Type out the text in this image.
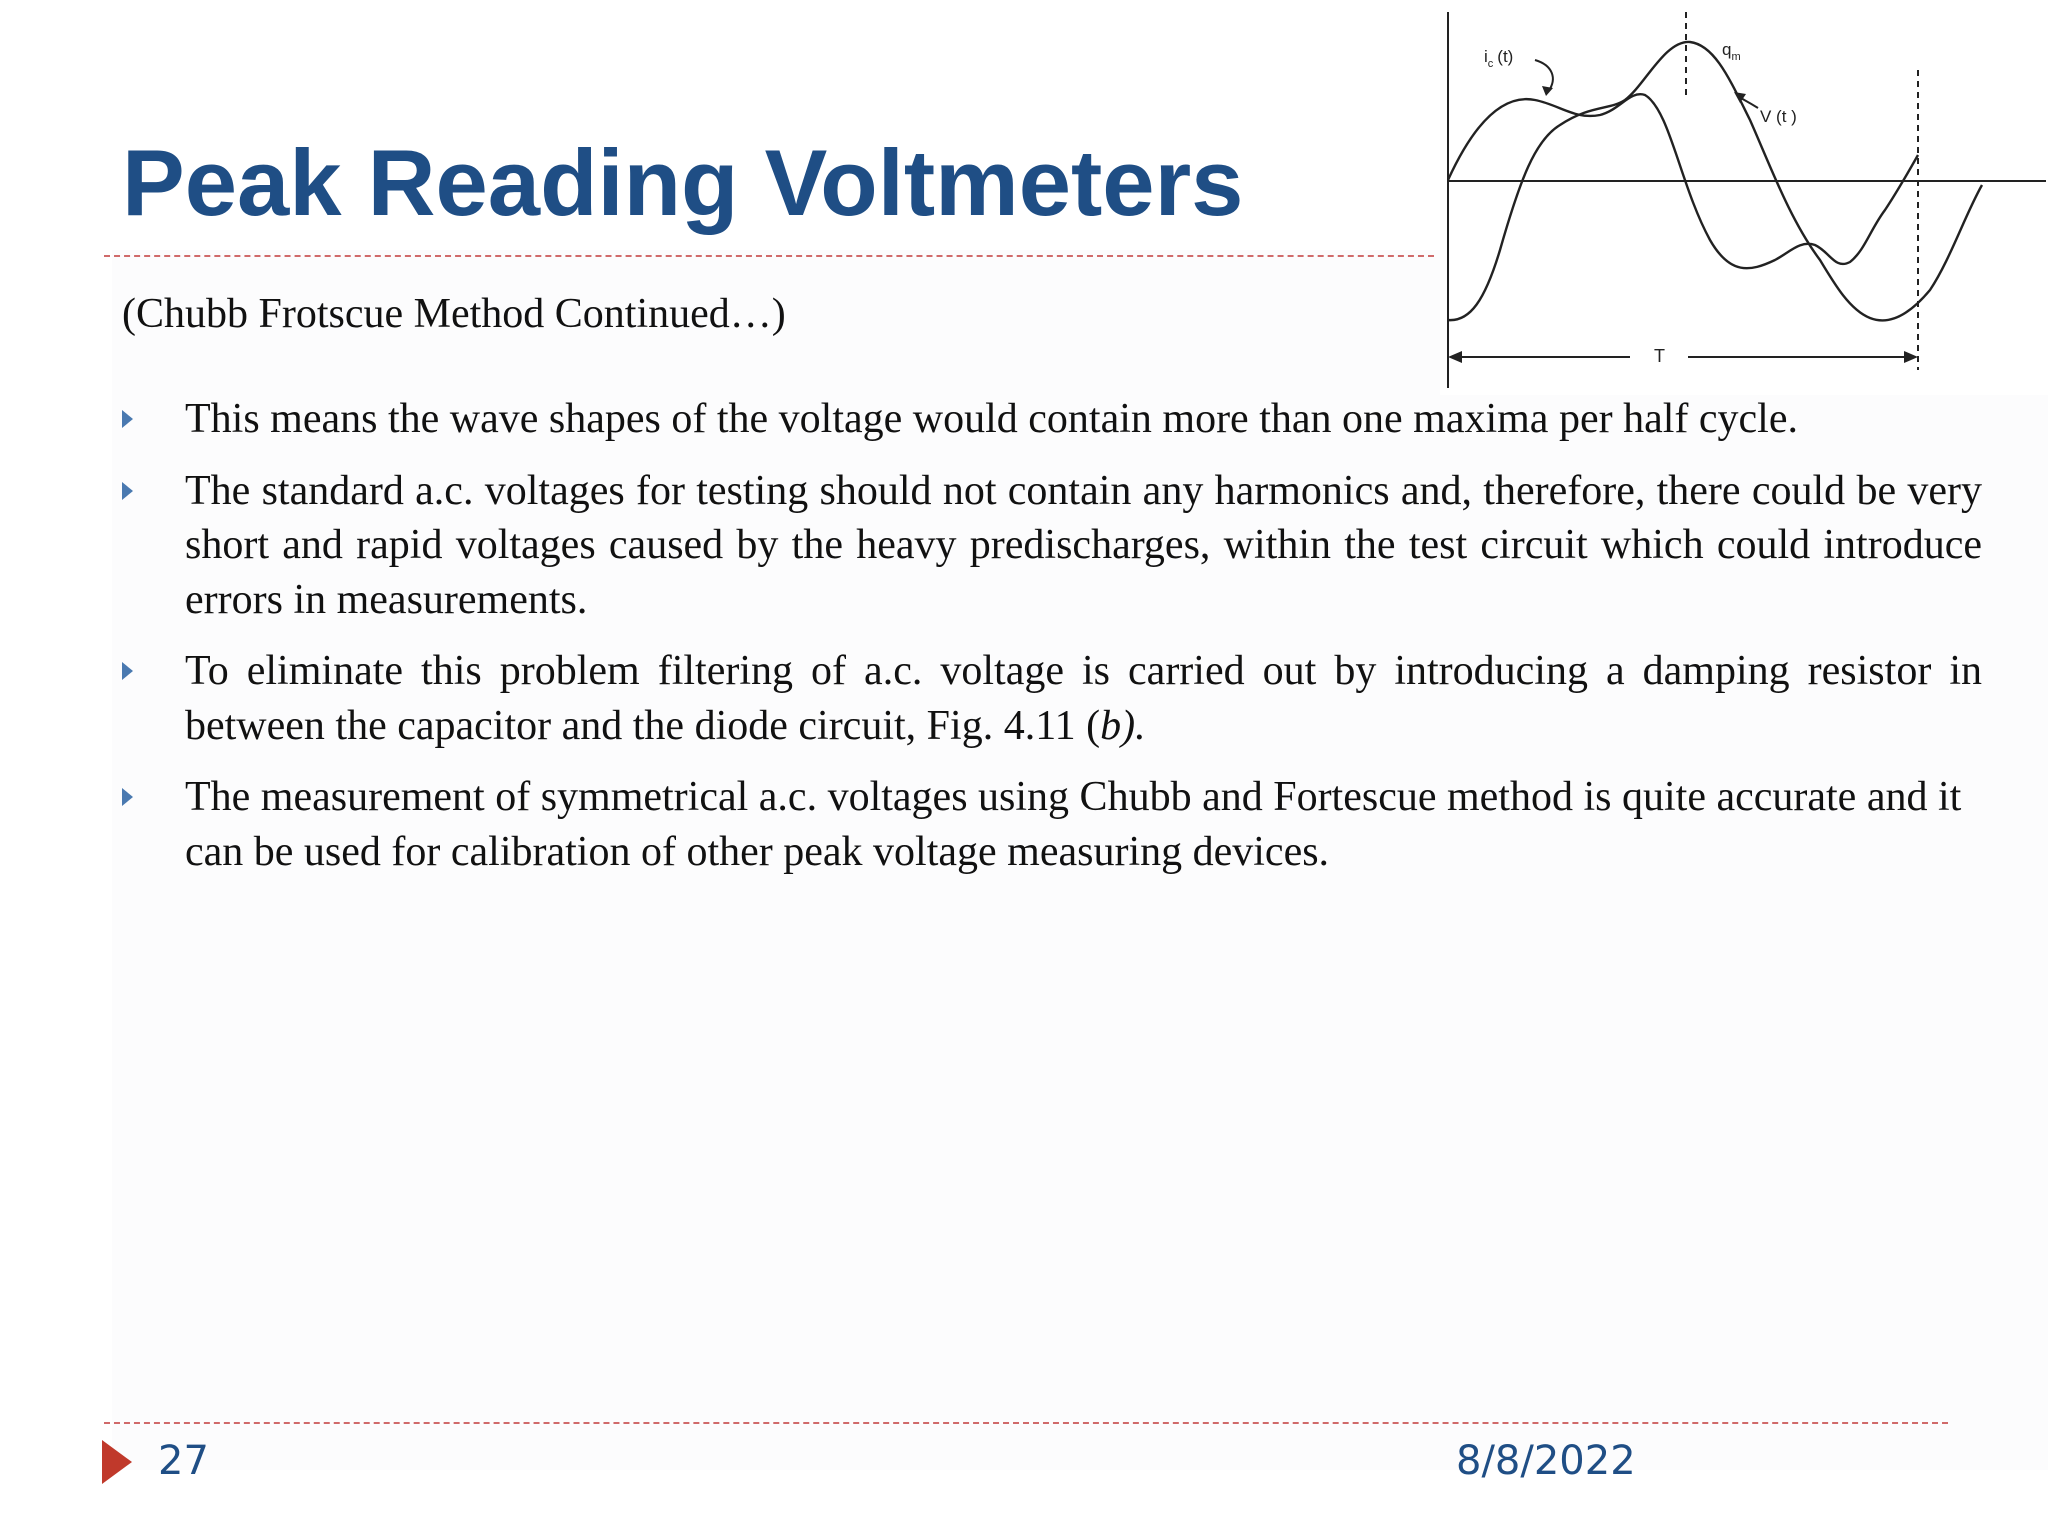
Peak Reading Voltmeters
(Chubb Frotscue Method Continued…)
This means the wave shapes of the voltage would contain more than one maxima per half cycle.
The standard a.c. voltages for testing should not contain any harmonics and, therefore, there could be very short and rapid voltages caused by the heavy predischarges, within the test circuit which could introduce errors in measurements.
To eliminate this problem filtering of a.c. voltage is carried out by introducing a damping resistor in between the capacitor and the diode circuit, Fig. 4.11 (b).
The measurement of symmetrical a.c. voltages using Chubb and Fortescue method is quite accurate and it can be used for calibration of other peak voltage measuring devices.
T
$i_c$ (t)	$q_m$
V (t )
27	8/8/2022
